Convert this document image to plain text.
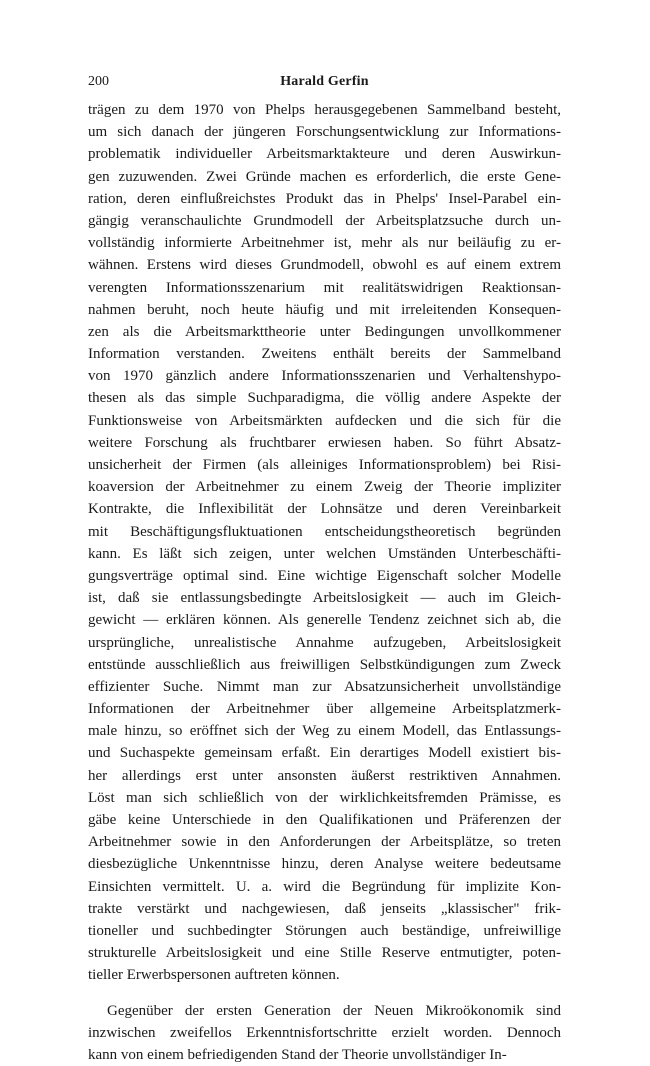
200	Harald Gerfin
trägen zu dem 1970 von Phelps herausgegebenen Sammelband besteht,
um sich danach der jüngeren Forschungsentwicklung zur Informations-
problematik individueller Arbeitsmarktakteure und deren Auswirkun-
gen zuzuwenden. Zwei Gründe machen es erforderlich, die erste Gene-
ration, deren einflußreichstes Produkt das in Phelps' Insel-Parabel ein-
gängig veranschaulichte Grundmodell der Arbeitsplatzsuche durch un-
vollständig informierte Arbeitnehmer ist, mehr als nur beiläufig zu er-
wähnen. Erstens wird dieses Grundmodell, obwohl es auf einem extrem
verengten Informationsszenarium mit realitätswidrigen Reaktionsan-
nahmen beruht, noch heute häufig und mit irreleitenden Konsequen-
zen als die Arbeitsmarkttheorie unter Bedingungen unvollkommener
Information verstanden. Zweitens enthält bereits der Sammelband
von 1970 gänzlich andere Informationsszenarien und Verhaltenshypo-
thesen als das simple Suchparadigma, die völlig andere Aspekte der
Funktionsweise von Arbeitsmärkten aufdecken und die sich für die
weitere Forschung als fruchtbarer erwiesen haben. So führt Absatz-
unsicherheit der Firmen (als alleiniges Informationsproblem) bei Risi-
koaversion der Arbeitnehmer zu einem Zweig der Theorie impliziter
Kontrakte, die Inflexibilität der Lohnsätze und deren Vereinbarkeit
mit Beschäftigungsfluktuationen entscheidungstheoretisch begründen
kann. Es läßt sich zeigen, unter welchen Umständen Unterbeschäfti-
gungsverträge optimal sind. Eine wichtige Eigenschaft solcher Modelle
ist, daß sie entlassungsbedingte Arbeitslosigkeit — auch im Gleich-
gewicht — erklären können. Als generelle Tendenz zeichnet sich ab, die
ursprüngliche, unrealistische Annahme aufzugeben, Arbeitslosigkeit
entstünde ausschließlich aus freiwilligen Selbstkündigungen zum Zweck
effizienter Suche. Nimmt man zur Absatzunsicherheit unvollständige
Informationen der Arbeitnehmer über allgemeine Arbeitsplatzmerk-
male hinzu, so eröffnet sich der Weg zu einem Modell, das Entlassungs-
und Suchaspekte gemeinsam erfaßt. Ein derartiges Modell existiert bis-
her allerdings erst unter ansonsten äußerst restriktiven Annahmen.
Löst man sich schließlich von der wirklichkeitsfremden Prämisse, es
gäbe keine Unterschiede in den Qualifikationen und Präferenzen der
Arbeitnehmer sowie in den Anforderungen der Arbeitsplätze, so treten
diesbezügliche Unkenntnisse hinzu, deren Analyse weitere bedeutsame
Einsichten vermittelt. U. a. wird die Begründung für implizite Kon-
trakte verstärkt und nachgewiesen, daß jenseits „klassischer" frik-
tioneller und suchbedingter Störungen auch beständige, unfreiwillige
strukturelle Arbeitslosigkeit und eine Stille Reserve entmutigter, poten-
tieller Erwerbspersonen auftreten können.
Gegenüber der ersten Generation der Neuen Mikroökonomik sind
inzwischen zweifellos Erkenntnisfortschritte erzielt worden. Dennoch
kann von einem befriedigenden Stand der Theorie unvollständiger In-
